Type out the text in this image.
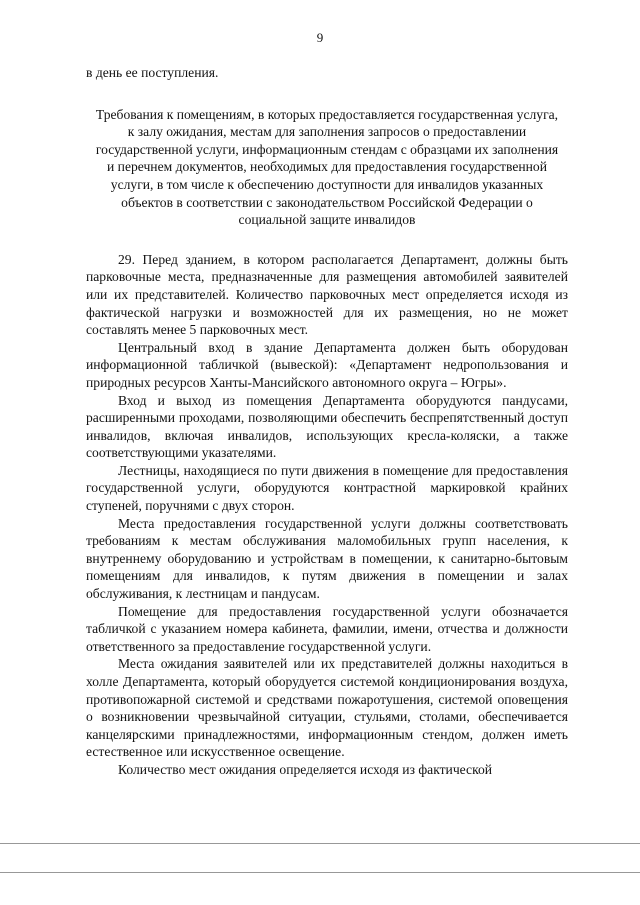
9

в день ее поступления.

Требования к помещениям, в которых предоставляется государственная услуга, к залу ожидания, местам для заполнения запросов о предоставлении государственной услуги, информационным стендам с образцами их заполнения и перечнем документов, необходимых для предоставления государственной услуги, в том числе к обеспечению доступности для инвалидов указанных объектов в соответствии с законодательством Российской Федерации о социальной защите инвалидов

29. Перед зданием, в котором располагается Департамент, должны быть парковочные места, предназначенные для размещения автомобилей заявителей или их представителей. Количество парковочных мест определяется исходя из фактической нагрузки и возможностей для их размещения, но не может составлять менее 5 парковочных мест.

Центральный вход в здание Департамента должен быть оборудован информационной табличкой (вывеской): «Департамент недропользования и природных ресурсов Ханты-Мансийского автономного округа – Югры».

Вход и выход из помещения Департамента оборудуются пандусами, расширенными проходами, позволяющими обеспечить беспрепятственный доступ инвалидов, включая инвалидов, использующих кресла-коляски, а также соответствующими указателями.

Лестницы, находящиеся по пути движения в помещение для предоставления государственной услуги, оборудуются контрастной маркировкой крайних ступеней, поручнями с двух сторон.

Места предоставления государственной услуги должны соответствовать требованиям к местам обслуживания маломобильных групп населения, к внутреннему оборудованию и устройствам в помещении, к санитарно-бытовым помещениям для инвалидов, к путям движения в помещении и залах обслуживания, к лестницам и пандусам.

Помещение для предоставления государственной услуги обозначается табличкой с указанием номера кабинета, фамилии, имени, отчества и должности ответственного за предоставление государственной услуги.

Места ожидания заявителей или их представителей должны находиться в холле Департамента, который оборудуется системой кондиционирования воздуха, противопожарной системой и средствами пожаротушения, системой оповещения о возникновении чрезвычайной ситуации, стульями, столами, обеспечивается канцелярскими принадлежностями, информационным стендом, должен иметь естественное или искусственное освещение.

Количество мест ожидания определяется исходя из фактической
